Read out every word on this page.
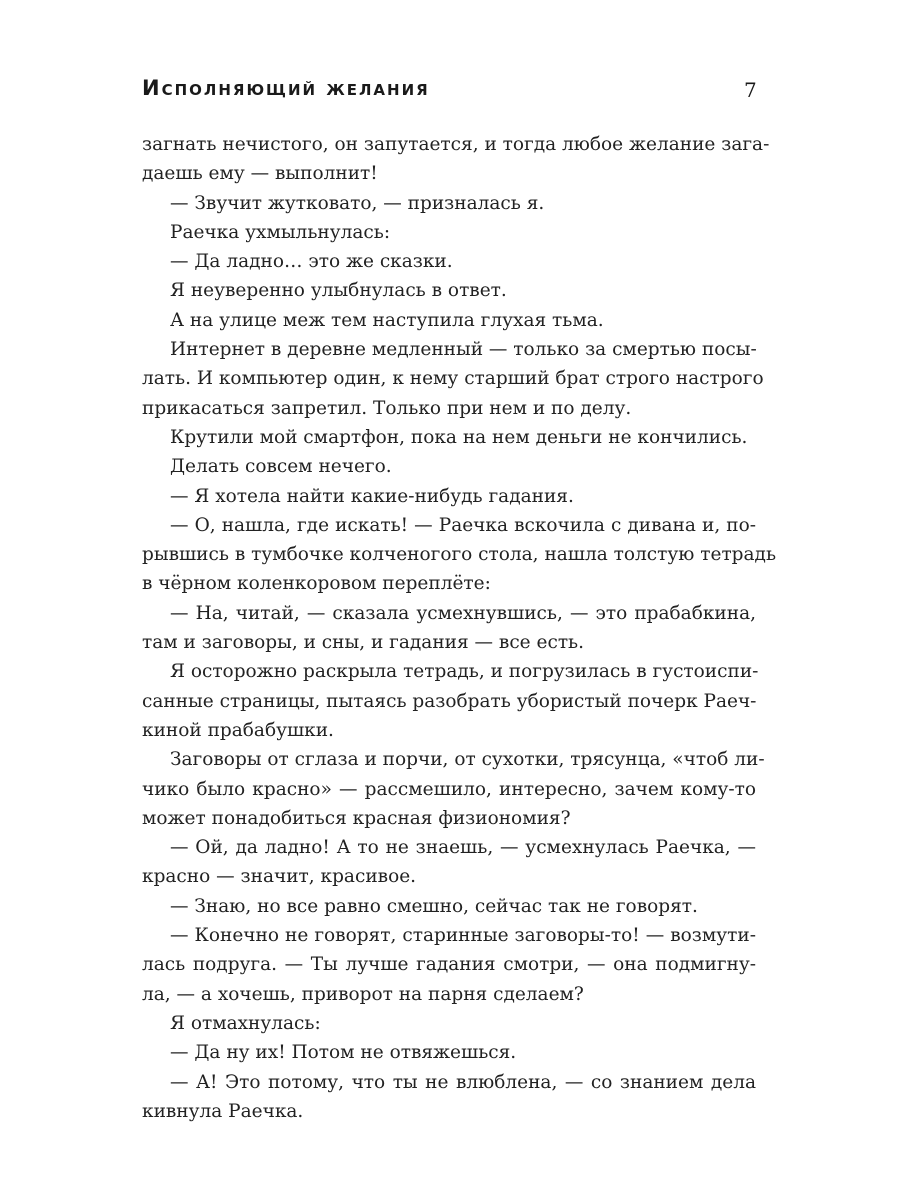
Исполняющий желания	7
загнать нечистого, он запутается, и тогда любое желание зага-
даешь ему — выполнит!
— Звучит жутковато, — призналась я.
Раечка ухмыльнулась:
— Да ладно… это же сказки.
Я неуверенно улыбнулась в ответ.
А на улице меж тем наступила глухая тьма.
Интернет в деревне медленный — только за смертью посы-
лать. И компьютер один, к нему старший брат строго настрого
прикасаться запретил. Только при нем и по делу.
Крутили мой смартфон, пока на нем деньги не кончились.
Делать совсем нечего.
— Я хотела найти какие-нибудь гадания.
— О, нашла, где искать! — Раечка вскочила с дивана и, по-
рывшись в тумбочке колченогого стола, нашла толстую тетрадь
в чёрном коленкоровом переплёте:
— На, читай, — сказала усмехнувшись, — это прабабкина,
там и заговоры, и сны, и гадания — все есть.
Я осторожно раскрыла тетрадь, и погрузилась в густоиспи-
санные страницы, пытаясь разобрать убористый почерк Раеч-
киной прабабушки.
Заговоры от сглаза и порчи, от сухотки, трясунца, «чтоб ли-
чико было красно» — рассмешило, интересно, зачем кому-то
может понадобиться красная физиономия?
— Ой, да ладно! А то не знаешь, — усмехнулась Раечка, —
красно — значит, красивое.
— Знаю, но все равно смешно, сейчас так не говорят.
— Конечно не говорят, старинные заговоры-то! — возмути-
лась подруга. — Ты лучше гадания смотри, — она подмигну-
ла, — а хочешь, приворот на парня сделаем?
Я отмахнулась:
— Да ну их! Потом не отвяжешься.
— А! Это потому, что ты не влюблена, — со знанием дела
кивнула Раечка.
